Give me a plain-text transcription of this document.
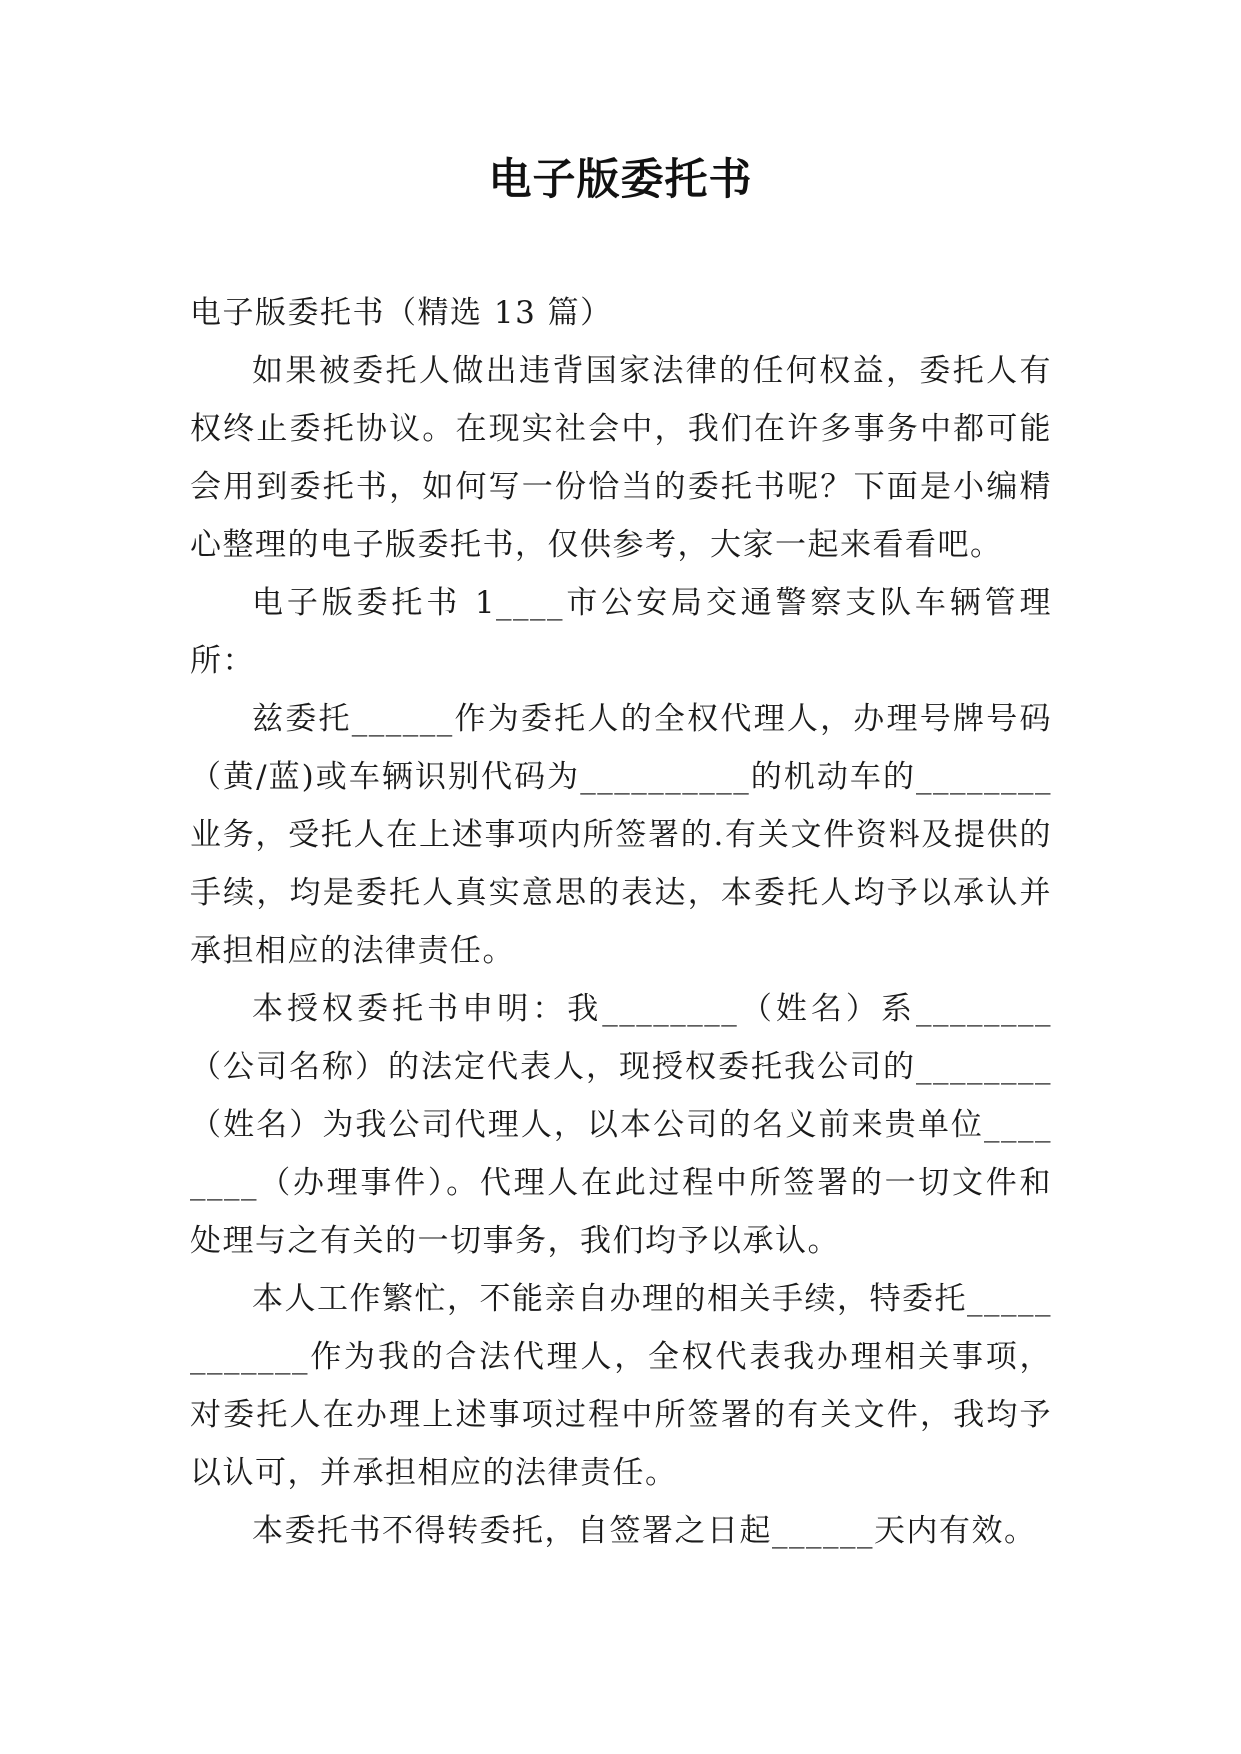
电子版委托书

电子版委托书（精选 13 篇）

如果被委托人做出违背国家法律的任何权益，委托人有权终止委托协议。在现实社会中，我们在许多事务中都可能会用到委托书，如何写一份恰当的委托书呢？下面是小编精心整理的电子版委托书，仅供参考，大家一起来看看吧。

电子版委托书 1____市公安局交通警察支队车辆管理所：

兹委托______作为委托人的全权代理人，办理号牌号码（黄/蓝)或车辆识别代码为__________的机动车的________业务，受托人在上述事项内所签署的.有关文件资料及提供的手续，均是委托人真实意思的表达，本委托人均予以承认并承担相应的法律责任。

本授权委托书申明：我________（姓名）系________（公司名称）的法定代表人，现授权委托我公司的________（姓名）为我公司代理人，以本公司的名义前来贵单位________（办理事件）。代理人在此过程中所签署的一切文件和处理与之有关的一切事务，我们均予以承认。

本人工作繁忙，不能亲自办理的相关手续，特委托____________作为我的合法代理人，全权代表我办理相关事项，对委托人在办理上述事项过程中所签署的有关文件，我均予以认可，并承担相应的法律责任。

本委托书不得转委托，自签署之日起______天内有效。
